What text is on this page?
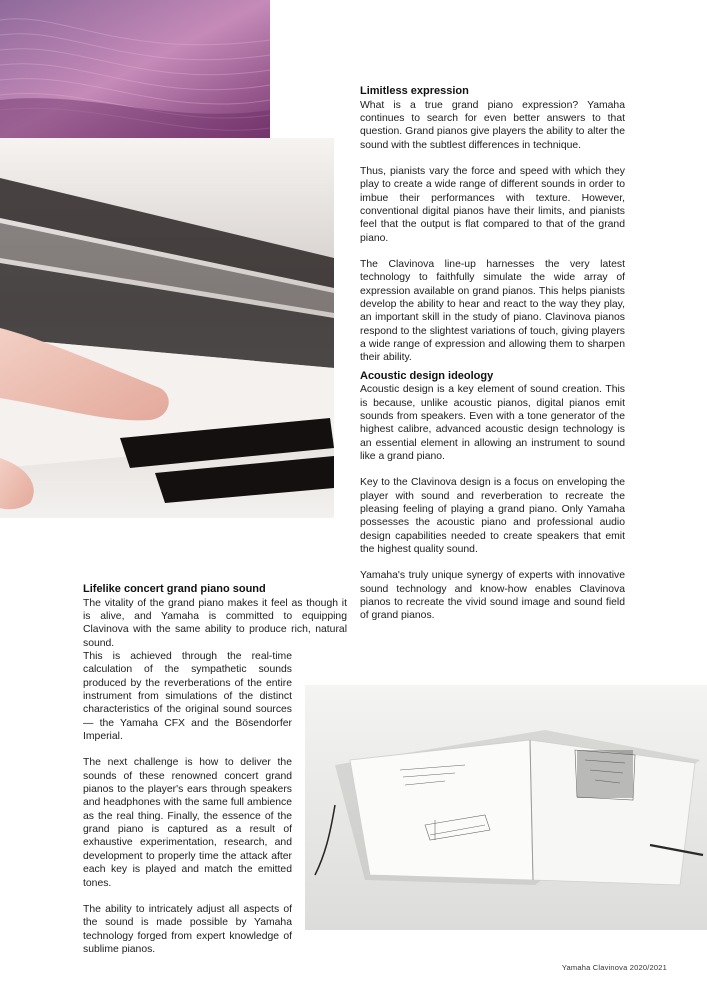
Limitless expression

What is a true grand piano expression? Yamaha continues to search for even better answers to that question. Grand pianos give players the ability to alter the sound with the subtlest differences in technique.

Thus, pianists vary the force and speed with which they play to create a wide range of different sounds in order to imbue their performances with texture. However, conventional digital pianos have their limits, and pianists feel that the output is flat compared to that of the grand piano.

The Clavinova line-up harnesses the very latest technology to faithfully simulate the wide array of expression available on grand pianos. This helps pianists develop the ability to hear and react to the way they play, an important skill in the study of piano. Clavinova pianos respond to the slightest variations of touch, giving players a wide range of expression and allowing them to sharpen their ability.

Acoustic design ideology

Acoustic design is a key element of sound creation. This is because, unlike acoustic pianos, digital pianos emit sounds from speakers. Even with a tone generator of the highest calibre, advanced acoustic design technology is an essential element in allowing an instrument to sound like a grand piano.

Key to the Clavinova design is a focus on enveloping the player with sound and reverberation to recreate the pleasing feeling of playing a grand piano. Only Yamaha possesses the acoustic piano and professional audio design capabilities needed to create speakers that emit the highest quality sound.

Yamaha's truly unique synergy of experts with innovative sound technology and know-how enables Clavinova pianos to recreate the vivid sound image and sound field of grand pianos.

Lifelike concert grand piano sound

The vitality of the grand piano makes it feel as though it is alive, and Yamaha is committed to equipping Clavinova with the same ability to produce rich, natural sound.

This is achieved through the real-time calculation of the sympathetic sounds produced by the reverberations of the entire instrument from simulations of the distinct characteristics of the original sound sources — the Yamaha CFX and the Bösendorfer Imperial.

The next challenge is how to deliver the sounds of these renowned concert grand pianos to the player's ears through speakers and headphones with the same full ambience as the real thing. Finally, the essence of the grand piano is captured as a result of exhaustive experimentation, research, and development to properly time the attack after each key is played and match the emitted tones.

The ability to intricately adjust all aspects of the sound is made possible by Yamaha technology forged from expert knowledge of sublime pianos.

Yamaha Clavinova 2020/2021
